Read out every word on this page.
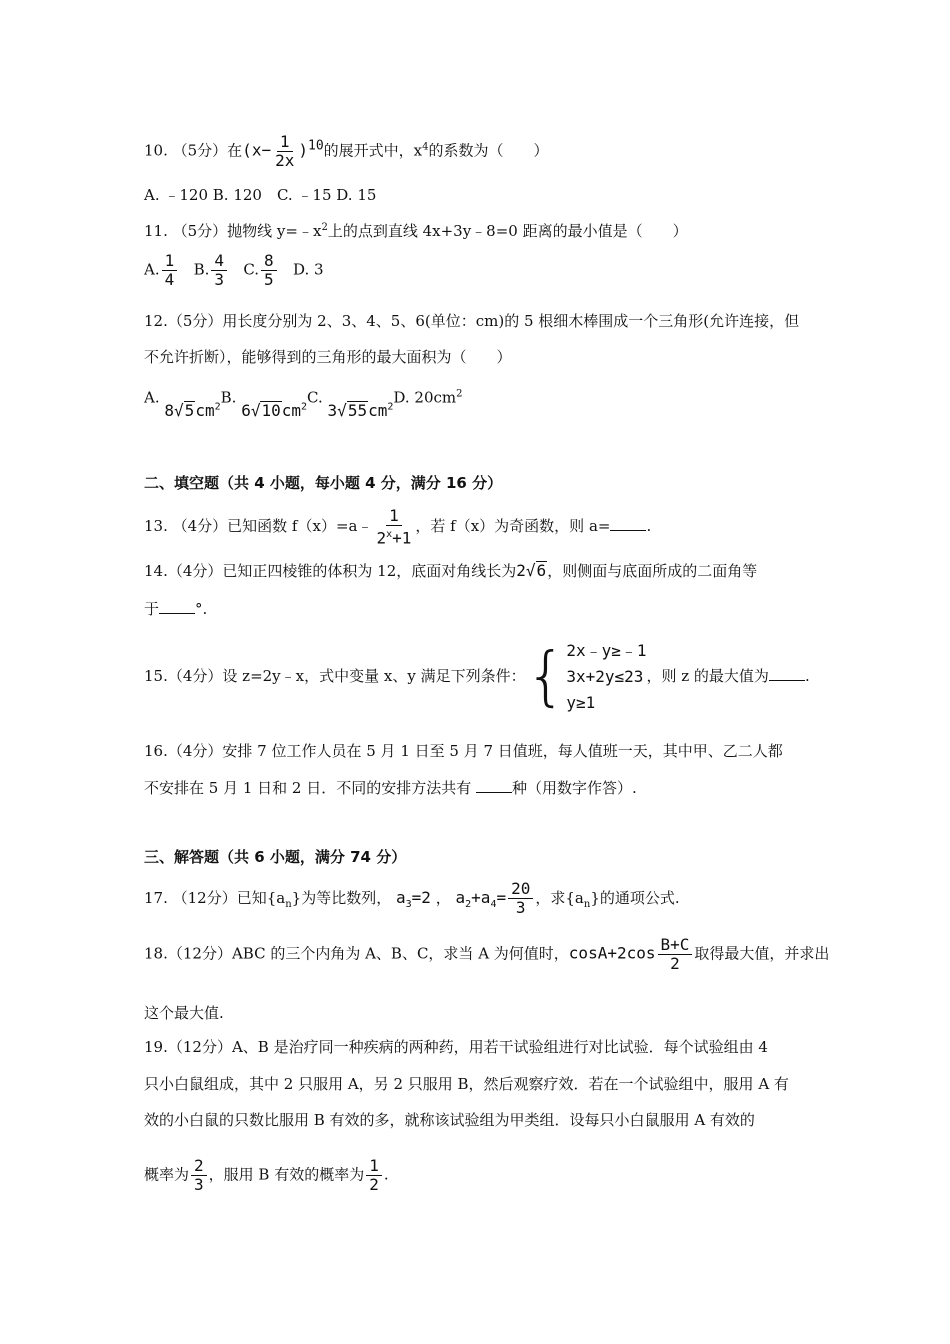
10. （5分）在$(x- \frac{1}{2x} )^{10}$的展开式中，$x^4$的系数为（　　）
A. ﹣120 B. 120　C. ﹣15 D. 15
11. （5分）抛物线 $y=﹣x^2$上的点到直线 4x+3y﹣8=0 距离的最小值是（　　）
A. $\frac{1}{4} B$. $\frac{4}{3} C$. $\frac{8}{5} D$. 3
12.（5分）用长度分别为 2、3、4、5、6(单位：cm)的 5 根细木棒围成一个三角形(允许连接，但
不允许折断），能够得到的三角形的最大面积为（　　）
A. $8√5cm^2B$. $6√10cm^2C$. $3√55cm^2D$. $20cm^2$
二、填空题（共 4 小题，每小题 4 分，满分 16 分）
13. （4分）已知函数 f（x）=a﹣ $\frac{1}{2^x+1}$ ，若 f（x）为奇函数，则 a= .
14.（4分）已知正四棱锥的体积为 12，底面对角线长为2√6，则侧面与底面所成的二面角等
于 °.
15.（4分）设 z=2y﹣x，式中变量 x、y 满足下列条件：{ 2x﹣y≥﹣1
3x+2y≤23
y≥1
，则 z 的最大值为 .
16.（4分）安排 7 位工作人员在 5 月 1 日至 5 月 7 日值班，每人值班一天，其中甲、乙二人都
不安排在 5 月 1 日和 2 日．不同的安排方法共有	种（用数字作答）.
三、解答题（共 6 小题，满分 74 分）
17. （12分）已知$\{a_n\}$为等比数列， $a_3=2$ ， $a_2+a_4= \frac{20}{3}$ ，求$\{a_n\}$的通项公式.
18.（12分）ABC 的三个内角为 A、B、C，求当 A 为何值时，$\cos A+2\cos \frac{B+C}{2}$ 取得最大值，并求出
这个最大值.
19.（12分）A、B 是治疗同一种疾病的两种药，用若干试验组进行对比试验．每个试验组由 4
只小白鼠组成，其中 2 只服用 A，另 2 只服用 B，然后观察疗效．若在一个试验组中，服用 A 有
效的小白鼠的只数比服用 B 有效的多，就称该试验组为甲类组．设每只小白鼠服用 A 有效的
概率为 $\frac{2}{3}$ ，服用 B 有效的概率为 $\frac{1}{2}$ .
